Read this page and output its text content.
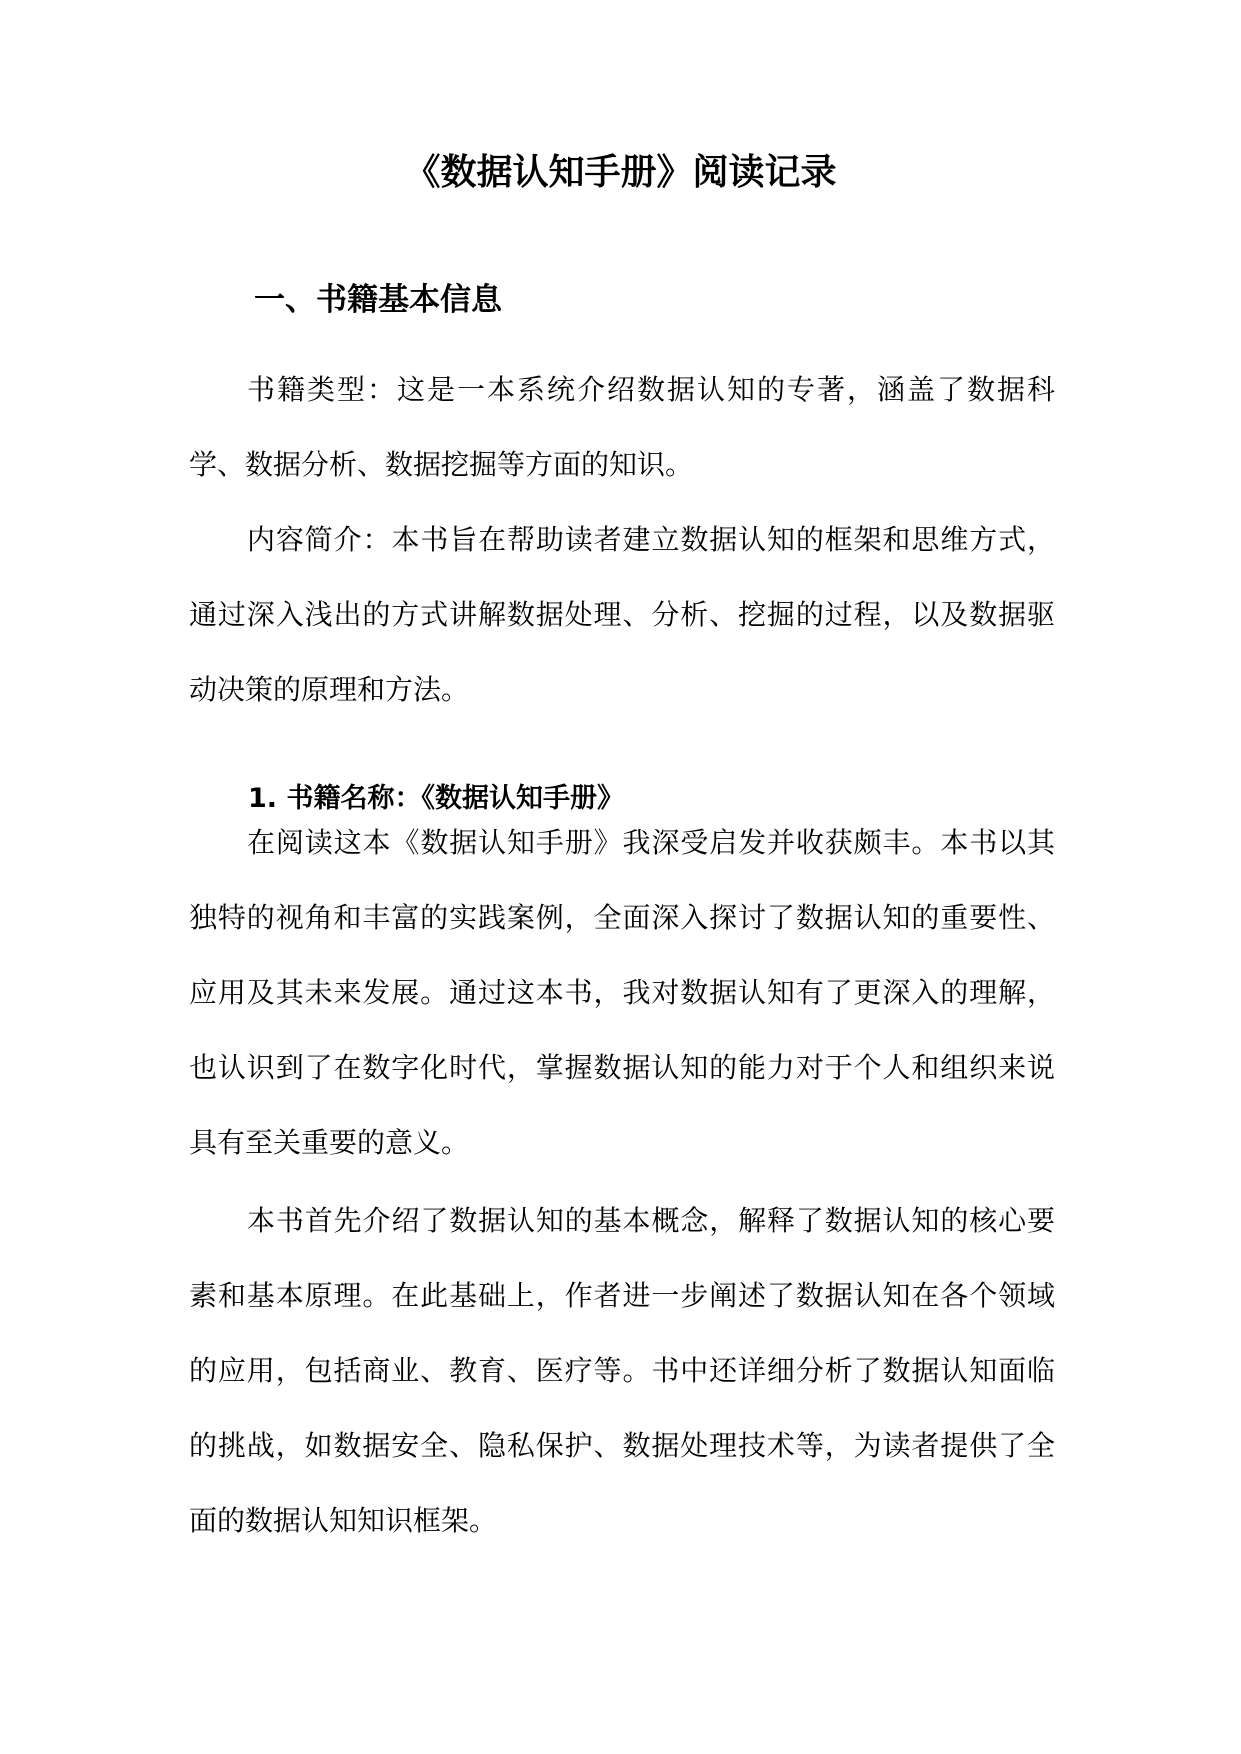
《数据认知手册》阅读记录
一、书籍基本信息

书籍类型：这是一本系统介绍数据认知的专著，涵盖了数据科学、数据分析、数据挖掘等方面的知识。

内容简介：本书旨在帮助读者建立数据认知的框架和思维方式，通过深入浅出的方式讲解数据处理、分析、挖掘的过程，以及数据驱动决策的原理和方法。

1. 书籍名称：《数据认知手册》

在阅读这本《数据认知手册》我深受启发并收获颇丰。本书以其独特的视角和丰富的实践案例，全面深入探讨了数据认知的重要性、应用及其未来发展。通过这本书，我对数据认知有了更深入的理解，也认识到了在数字化时代，掌握数据认知的能力对于个人和组织来说具有至关重要的意义。

本书首先介绍了数据认知的基本概念，解释了数据认知的核心要素和基本原理。在此基础上，作者进一步阐述了数据认知在各个领域的应用，包括商业、教育、医疗等。书中还详细分析了数据认知面临的挑战，如数据安全、隐私保护、数据处理技术等，为读者提供了全面的数据认知知识框架。
